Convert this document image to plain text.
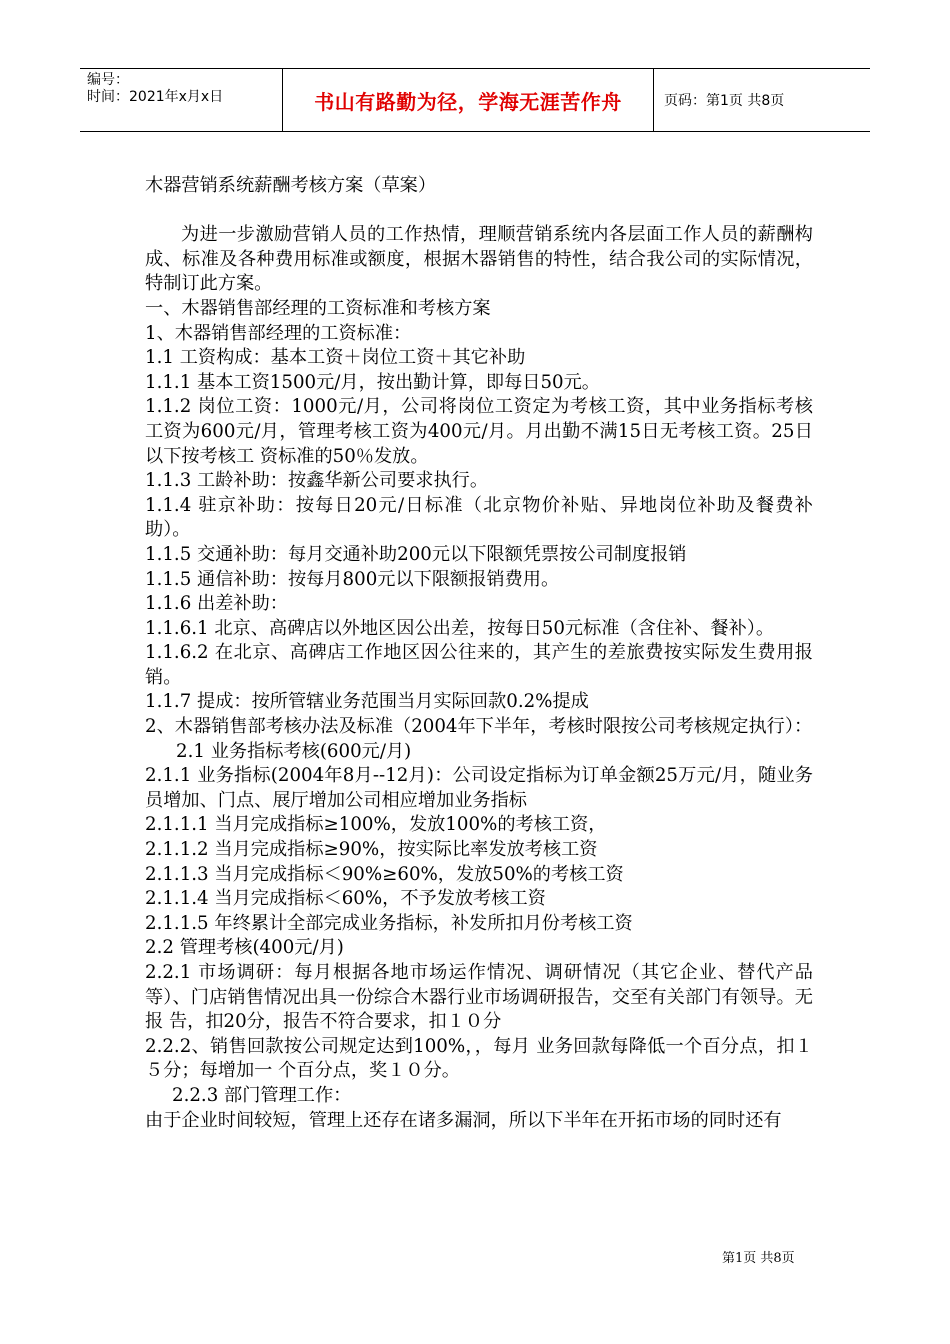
编号：
时间：2021年x月x日	书山有路勤为径，学海无涯苦作舟	页码：第1页 共8页

木器营销系统薪酬考核方案（草案）

为进一步激励营销人员的工作热情，理顺营销系统内各层面工作人员的薪酬构成、标准及各种费用标准或额度，根据木器销售的特性，结合我公司的实际情况，特制订此方案。

一、木器销售部经理的工资标准和考核方案

1、木器销售部经理的工资标准：

1.1 工资构成：基本工资＋岗位工资＋其它补助

1.1.1 基本工资1500元/月，按出勤计算，即每日50元。

1.1.2 岗位工资：1000元/月，公司将岗位工资定为考核工资，其中业务指标考核工资为600元/月，管理考核工资为400元/月。月出勤不满15日无考核工资。25日以下按考核工 资标准的50％发放。

1.1.3 工龄补助：按鑫华新公司要求执行。

1.1.4 驻京补助：按每日20元/日标准（北京物价补贴、异地岗位补助及餐费补助）。

1.1.5 交通补助：每月交通补助200元以下限额凭票按公司制度报销

1.1.5 通信补助：按每月800元以下限额报销费用。

1.1.6 出差补助：

1.1.6.1 北京、高碑店以外地区因公出差，按每日50元标准（含住补、餐补）。

1.1.6.2 在北京、高碑店工作地区因公往来的，其产生的差旅费按实际发生费用报销。

1.1.7 提成：按所管辖业务范围当月实际回款0.2%提成

2、木器销售部考核办法及标准（2004年下半年，考核时限按公司考核规定执行）：

2.1 业务指标考核(600元/月)

2.1.1 业务指标(2004年8月--12月)：公司设定指标为订单金额25万元/月，随业务员增加、门点、展厅增加公司相应增加业务指标

2.1.1.1 当月完成指标≥100%，发放100%的考核工资，

2.1.1.2 当月完成指标≥90%，按实际比率发放考核工资

2.1.1.3 当月完成指标＜90%≥60%，发放50%的考核工资

2.1.1.4 当月完成指标＜60%，不予发放考核工资

2.1.1.5 年终累计全部完成业务指标，补发所扣月份考核工资

2.2 管理考核(400元/月)

2.2.1 市场调研：每月根据各地市场运作情况、调研情况（其它企业、替代产品等）、门店销售情况出具一份综合木器行业市场调研报告，交至有关部门有领导。无报 告，扣20分，报告不符合要求，扣１０分

2.2.2、销售回款按公司规定达到100%，，每月 业务回款每降低一个百分点，扣１５分；每增加一 个百分点，奖１０分。

2.2.3 部门管理工作：

由于企业时间较短，管理上还存在诸多漏洞，所以下半年在开拓市场的同时还有

第1页 共8页
